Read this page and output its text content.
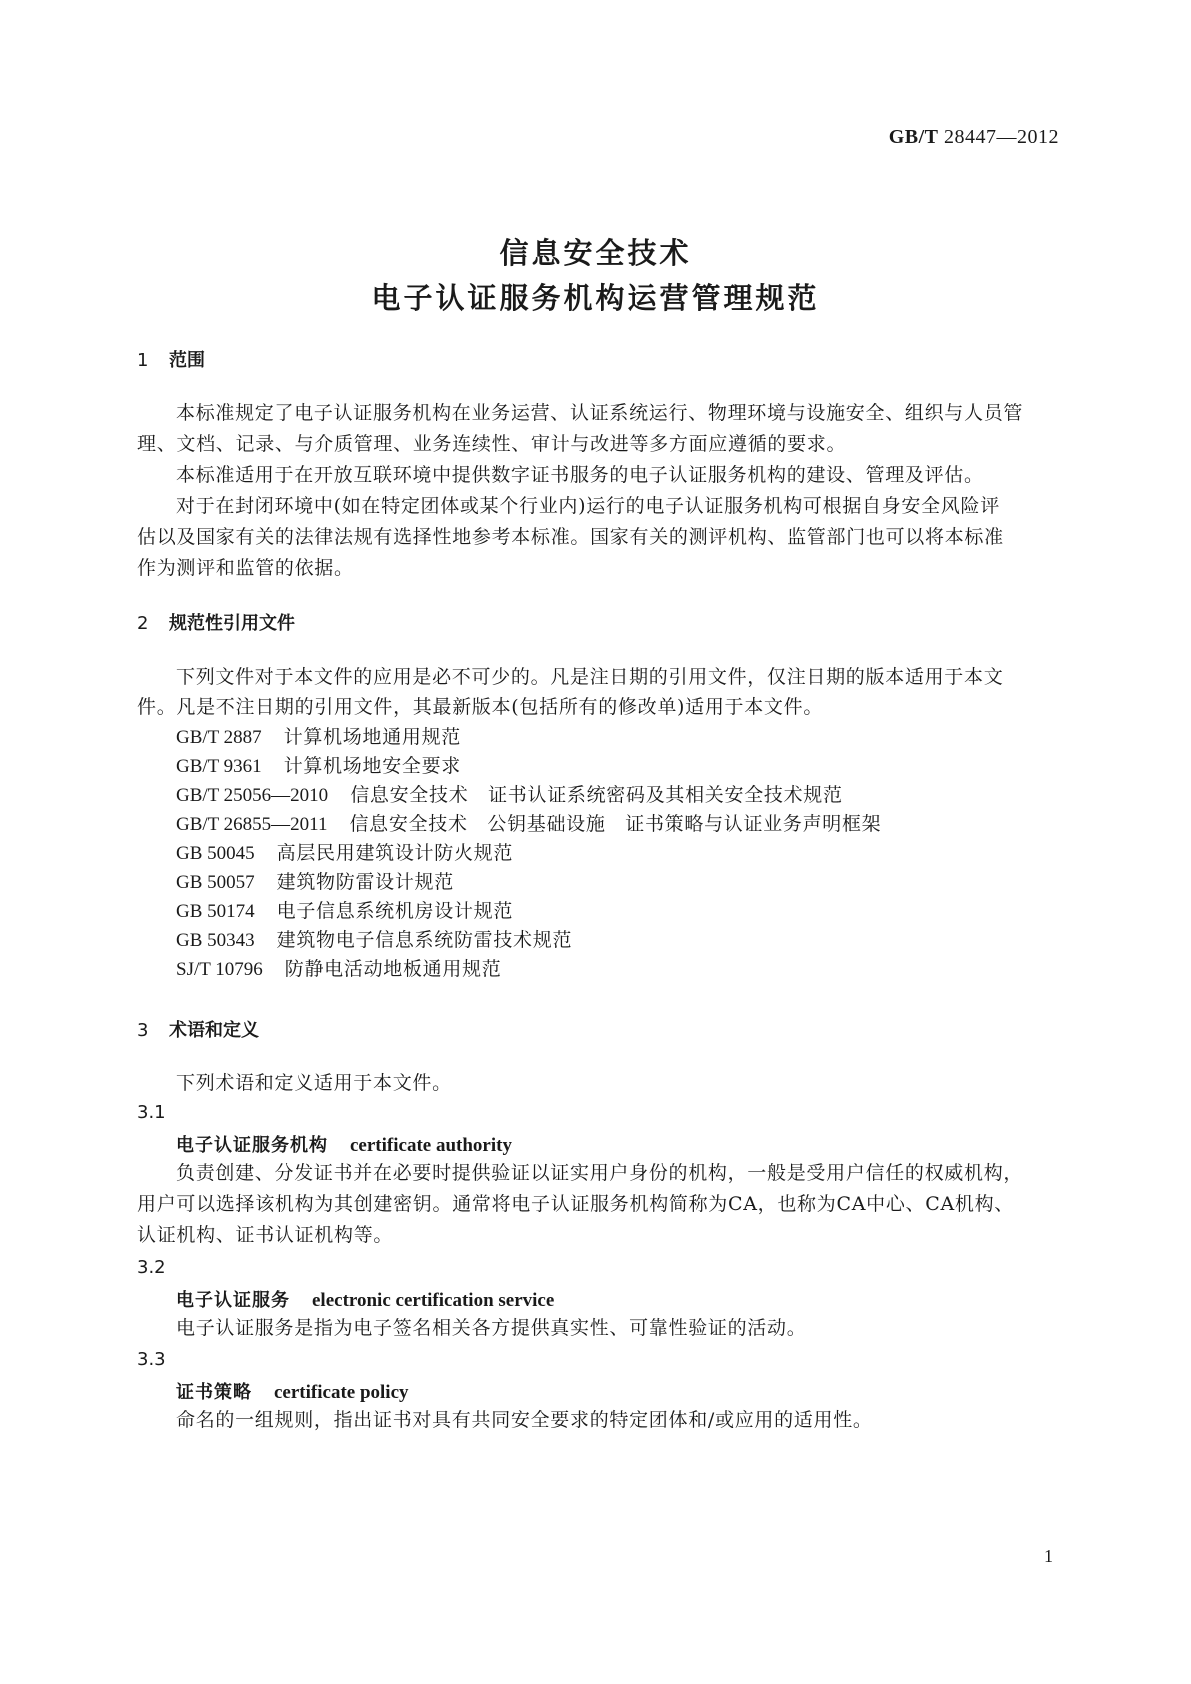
GB/T 28447—2012
信息安全技术
电子认证服务机构运营管理规范
1 范围
本标准规定了电子认证服务机构在业务运营、认证系统运行、物理环境与设施安全、组织与人员管
理、文档、记录、与介质管理、业务连续性、审计与改进等多方面应遵循的要求。
本标准适用于在开放互联环境中提供数字证书服务的电子认证服务机构的建设、管理及评估。
对于在封闭环境中(如在特定团体或某个行业内)运行的电子认证服务机构可根据自身安全风险评
估以及国家有关的法律法规有选择性地参考本标准。国家有关的测评机构、监管部门也可以将本标准
作为测评和监管的依据。
2 规范性引用文件
下列文件对于本文件的应用是必不可少的。凡是注日期的引用文件，仅注日期的版本适用于本文
件。凡是不注日期的引用文件，其最新版本(包括所有的修改单)适用于本文件。
GB/T 2887 计算机场地通用规范
GB/T 9361 计算机场地安全要求
GB/T 25056—2010 信息安全技术　证书认证系统密码及其相关安全技术规范
GB/T 26855—2011 信息安全技术　公钥基础设施　证书策略与认证业务声明框架
GB 50045 高层民用建筑设计防火规范
GB 50057 建筑物防雷设计规范
GB 50174 电子信息系统机房设计规范
GB 50343 建筑物电子信息系统防雷技术规范
SJ/T 10796 防静电活动地板通用规范
3 术语和定义
下列术语和定义适用于本文件。
3.1
电子认证服务机构 certificate authority
负责创建、分发证书并在必要时提供验证以证实用户身份的机构，一般是受用户信任的权威机构，
用户可以选择该机构为其创建密钥。通常将电子认证服务机构简称为CA，也称为CA中心、CA机构、
认证机构、证书认证机构等。
3.2
电子认证服务 electronic certification service
电子认证服务是指为电子签名相关各方提供真实性、可靠性验证的活动。
3.3
证书策略 certificate policy
命名的一组规则，指出证书对具有共同安全要求的特定团体和/或应用的适用性。
1
